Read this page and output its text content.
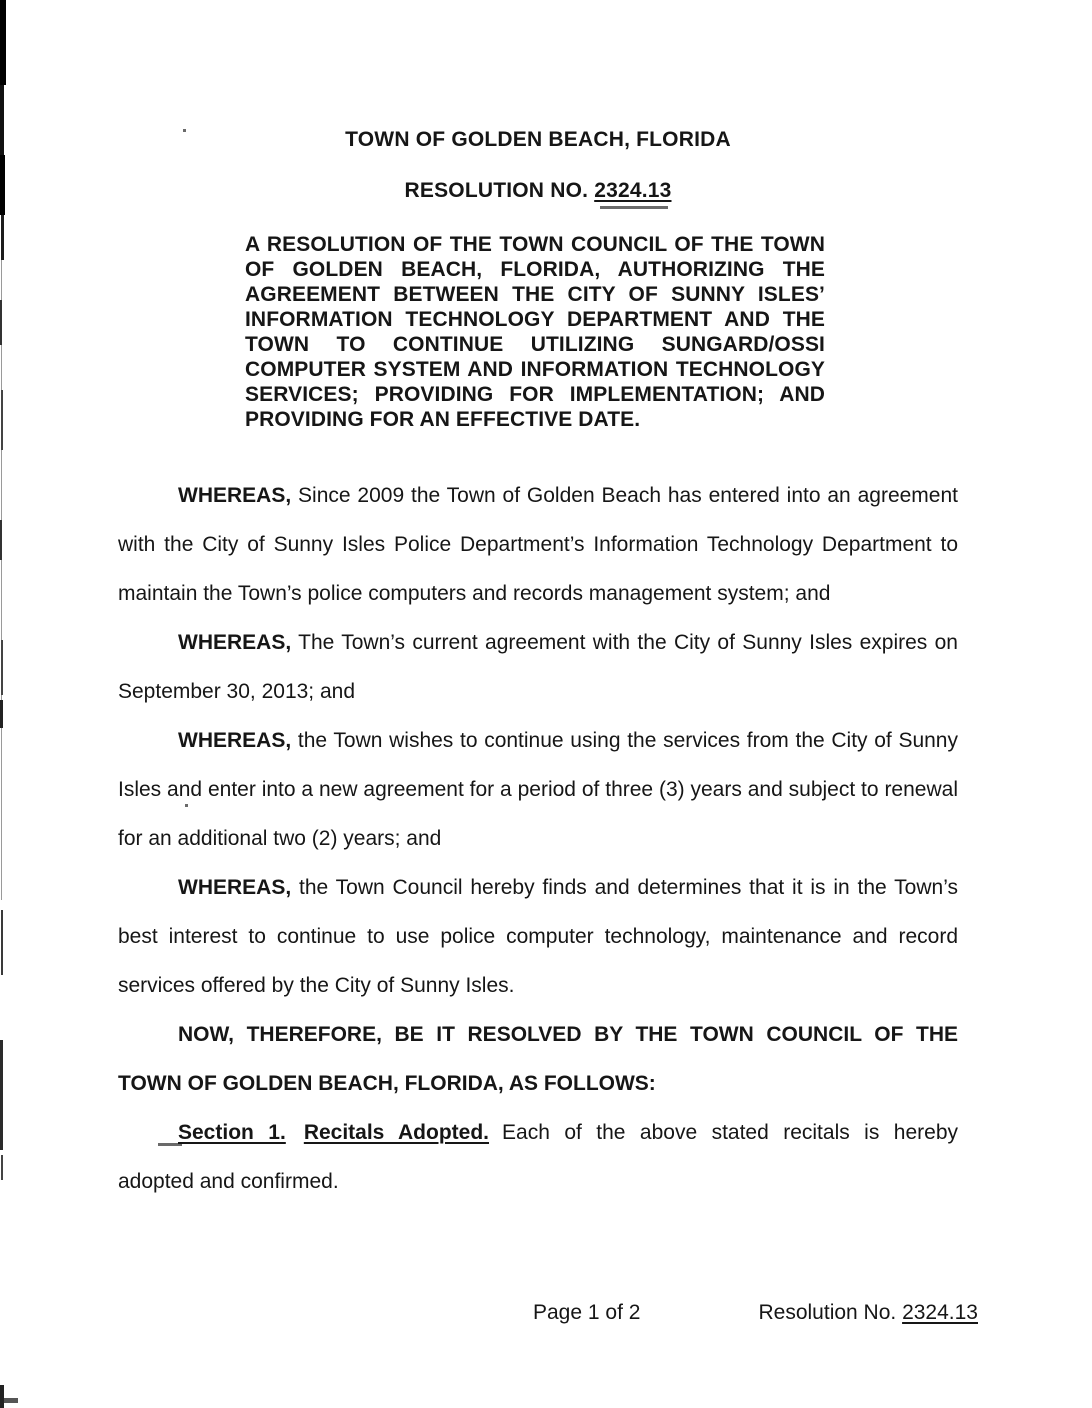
TOWN OF GOLDEN BEACH, FLORIDA
RESOLUTION NO. 2324.13

A RESOLUTION OF THE TOWN COUNCIL OF THE TOWN OF GOLDEN BEACH, FLORIDA, AUTHORIZING THE AGREEMENT BETWEEN THE CITY OF SUNNY ISLES’ INFORMATION TECHNOLOGY DEPARTMENT AND THE TOWN TO CONTINUE UTILIZING SUNGARD/OSSI COMPUTER SYSTEM AND INFORMATION TECHNOLOGY SERVICES; PROVIDING FOR IMPLEMENTATION; AND PROVIDING FOR AN EFFECTIVE DATE.

WHEREAS, Since 2009 the Town of Golden Beach has entered into an agreement with the City of Sunny Isles Police Department’s Information Technology Department to maintain the Town’s police computers and records management system; and

WHEREAS, The Town’s current agreement with the City of Sunny Isles expires on September 30, 2013; and

WHEREAS, the Town wishes to continue using the services from the City of Sunny Isles and enter into a new agreement for a period of three (3) years and subject to renewal for an additional two (2) years; and

WHEREAS, the Town Council hereby finds and determines that it is in the Town’s best interest to continue to use police computer technology, maintenance and record services offered by the City of Sunny Isles.

NOW, THEREFORE, BE IT RESOLVED BY THE TOWN COUNCIL OF THE TOWN OF GOLDEN BEACH, FLORIDA, AS FOLLOWS:

Section 1. Recitals Adopted. Each of the above stated recitals is hereby adopted and confirmed.

Page 1 of 2	Resolution No. 2324.13
